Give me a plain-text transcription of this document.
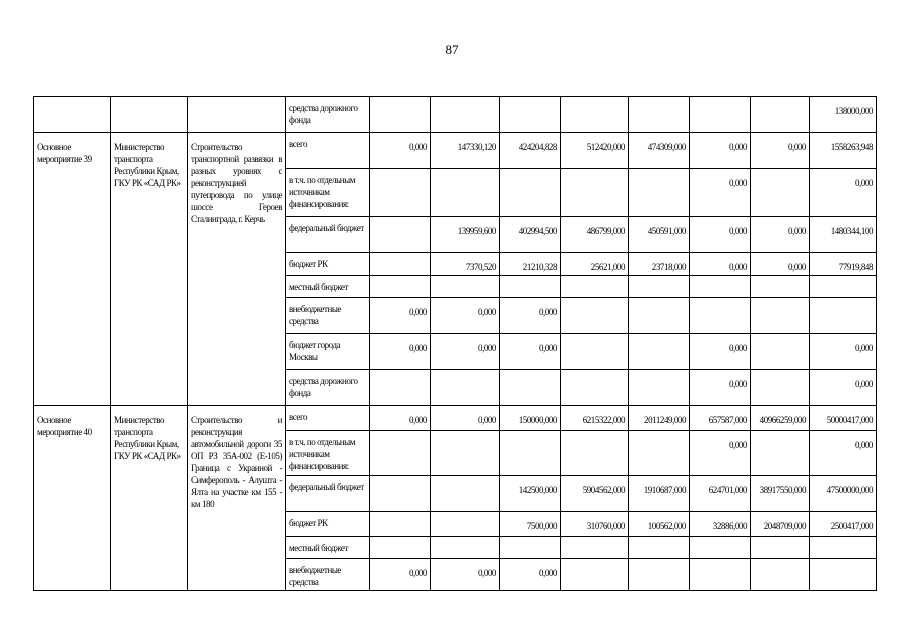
87
			средства дорожного фонда								138000,000
Основное мероприятие 39	Министерство транспорта Республики Крым, ГКУ РК «САД РК»	Строительство транспортной развязки в разных уровнях с реконструкцией путепровода по улице шоссе Героев Сталинграда, г. Керчь	всего	0,000	147330,120	424204,828	512420,000	474309,000	0,000	0,000	1558263,948
			в т.ч. по отдельным источникам финансирования:						0,000		0,000
			федеральный бюджет		139959,600	402994,500	486799,000	450591,000	0,000	0,000	1480344,100
			бюджет РК		7370,520	21210,328	25621,000	23718,000	0,000	0,000	77919,848
			местный бюджет								
			внебюджетные средства	0,000	0,000	0,000					
			бюджет города Москвы	0,000	0,000	0,000			0,000		0,000
			средства дорожного фонда						0,000		0,000
Основное мероприятие 40	Министерство транспорта Республики Крым, ГКУ РК «САД РК»	Строительство и реконструкция автомобильной дороги 35 ОП РЗ 35А-002 (Е-105) Граница с Украиной - Симферополь - Алушта - Ялта на участке км 155 - км 180	всего	0,000	0,000	150000,000	6215322,000	2011249,000	657587,000	40966259,000	50000417,000
			в т.ч. по отдельным источникам финансирования:						0,000		0,000
			федеральный бюджет			142500,000	5904562,000	1910687,000	624701,000	38917550,000	47500000,000
			бюджет РК			7500,000	310760,000	100562,000	32886,000	2048709,000	2500417,000
			местный бюджет								
			внебюджетные средства	0,000	0,000	0,000					
